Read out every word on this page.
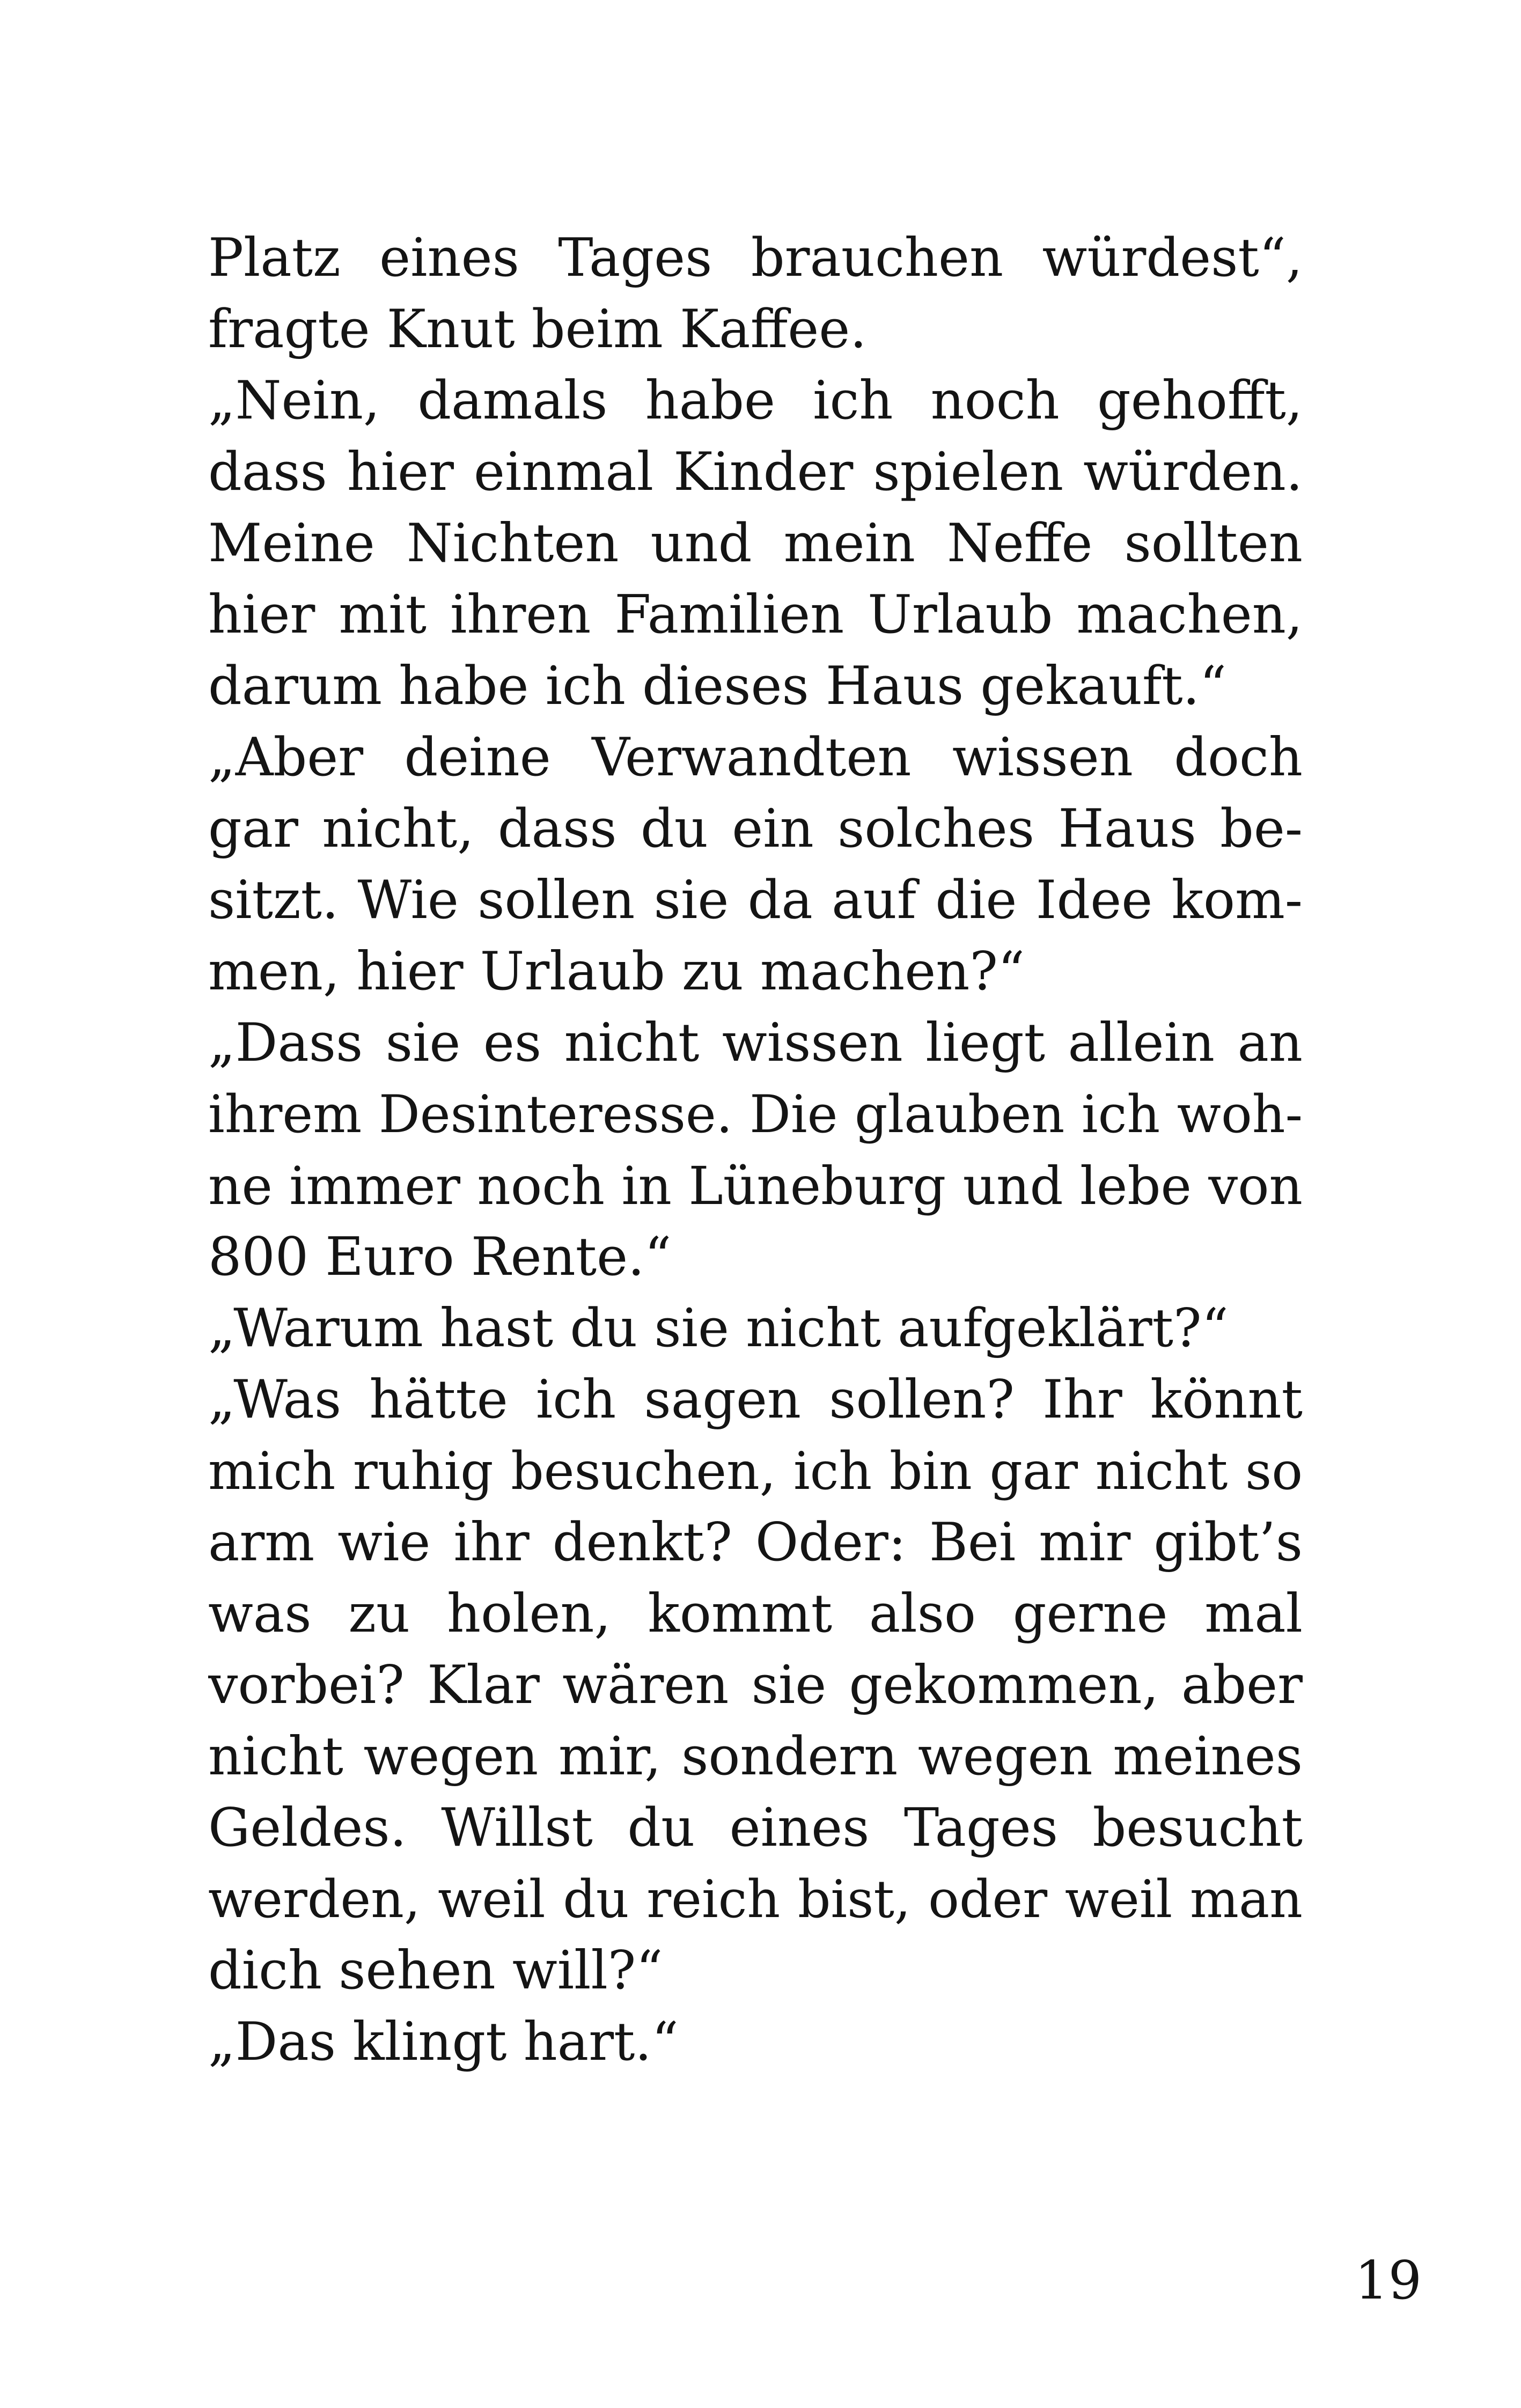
Platz eines Tages brauchen würdest“,
fragte Knut beim Kaffee.
„Nein, damals habe ich noch gehofft,
dass hier einmal Kinder spielen würden.
Meine Nichten und mein Neffe sollten
hier mit ihren Familien Urlaub machen,
darum habe ich dieses Haus gekauft.“
„Aber deine Verwandten wissen doch
gar nicht, dass du ein solches Haus be-
sitzt. Wie sollen sie da auf die Idee kom-
men, hier Urlaub zu machen?“
„Dass sie es nicht wissen liegt allein an
ihrem Desinteresse. Die glauben ich woh-
ne immer noch in Lüneburg und lebe von
800 Euro Rente.“
„Warum hast du sie nicht aufgeklärt?“
„Was hätte ich sagen sollen? Ihr könnt
mich ruhig besuchen, ich bin gar nicht so
arm wie ihr denkt? Oder: Bei mir gibt’s
was zu holen, kommt also gerne mal
vorbei? Klar wären sie gekommen, aber
nicht wegen mir, sondern wegen meines
Geldes. Willst du eines Tages besucht
werden, weil du reich bist, oder weil man
dich sehen will?“
„Das klingt hart.“
19
